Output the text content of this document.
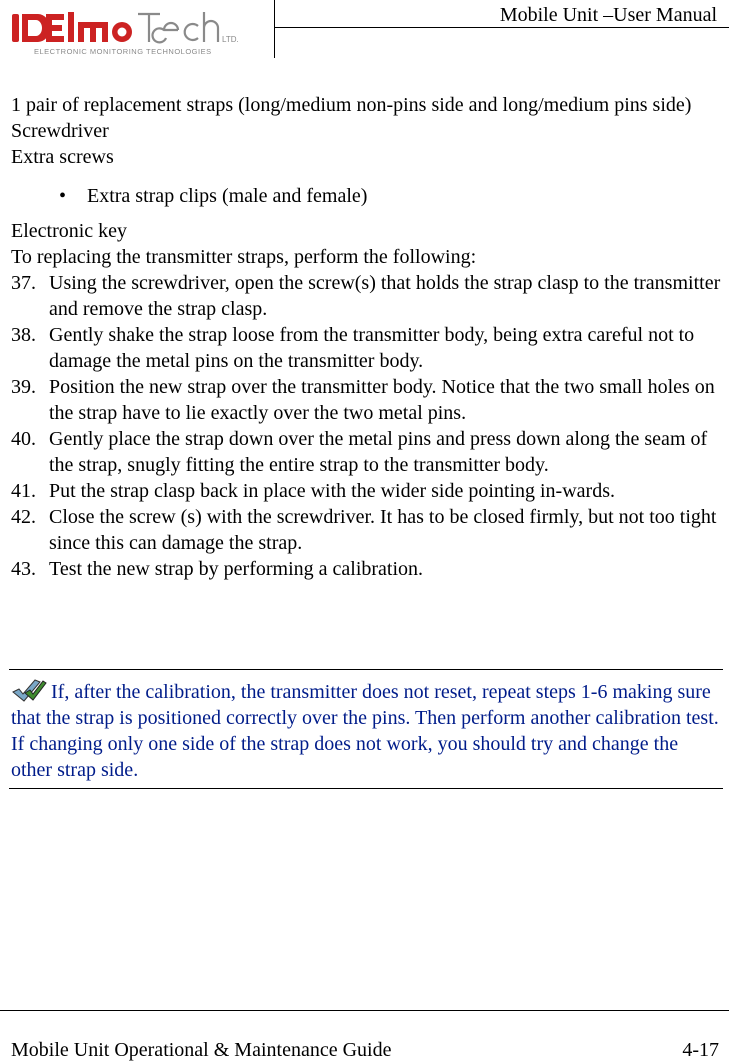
LTD.
ELECTRONIC MONITORING TECHNOLOGIES
Mobile Unit –User Manual

1 pair of replacement straps (long/medium non-pins side and long/medium pins side)

Screwdriver

Extra screws

• Extra strap clips (male and female)

Electronic key

To replacing the transmitter straps, perform the following:

37. Using the screwdriver, open the screw(s) that holds the strap clasp to the transmitter and remove the strap clasp.
38. Gently shake the strap loose from the transmitter body, being extra careful not to damage the metal pins on the transmitter body.
39. Position the new strap over the transmitter body. Notice that the two small holes on the strap have to lie exactly over the two metal pins.
40. Gently place the strap down over the metal pins and press down along the seam of the strap, snugly fitting the entire strap to the transmitter body.
41. Put the strap clasp back in place with the wider side pointing in-wards.
42. Close the screw (s) with the screwdriver. It has to be closed firmly, but not too tight since this can damage the strap.
43. Test the new strap by performing a calibration.
If, after the calibration, the transmitter does not reset, repeat steps 1-6 making sure that the strap is positioned correctly over the pins. Then perform another calibration test. If changing only one side of the strap does not work, you should try and change the other strap side.
Mobile Unit Operational & Maintenance Guide	4-17
